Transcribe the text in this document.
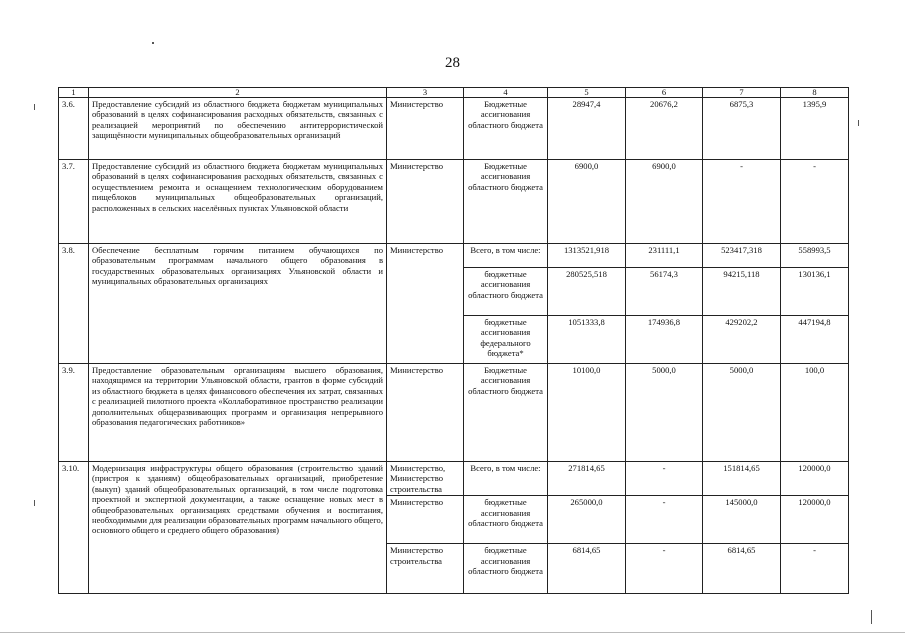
28
1	2	3	4	5	6	7	8
3.6.	Предоставление субсидий из областного бюджета бюджетам муниципальных образований в целях софинансирования расходных обязательств, связанных с реализацией мероприятий по обеспечению антитеррористической защищённости муниципальных общеобразовательных организаций	Министерство	Бюджетные ассигнования областного бюджета	28947,4	20676,2	6875,3	1395,9
3.7.	Предоставление субсидий из областного бюджета бюджетам муниципальных образований в целях софинансирования расходных обязательств, связанных с осуществлением ремонта и оснащением технологическим оборудованием пищеблоков муниципальных общеобразовательных организаций, расположенных в сельских населённых пунктах Ульяновской области	Министерство	Бюджетные ассигнования областного бюджета	6900,0	6900,0	-	-
3.8.	Обеспечение бесплатным горячим питанием обучающихся по образовательным программам начального общего образования в государственных образовательных организациях Ульяновской области и муниципальных образовательных организациях	Министерство	Всего, в том числе:	1313521,918	231111,1	523417,318	558993,5
			бюджетные ассигнования областного бюджета	280525,518	56174,3	94215,118	130136,1
			бюджетные ассигнования федерального бюджета*	1051333,8	174936,8	429202,2	447194,8
3.9.	Предоставление образовательным организациям высшего образования, находящимся на территории Ульяновской области, грантов в форме субсидий из областного бюджета в целях финансового обеспечения их затрат, связанных с реализацией пилотного проекта «Коллаборативное пространство реализации дополнительных общеразвивающих программ и организация непрерывного образования педагогических работников»	Министерство	Бюджетные ассигнования областного бюджета	10100,0	5000,0	5000,0	100,0
3.10.	Модернизация инфраструктуры общего образования (строительство зданий (пристроя к зданиям) общеобразовательных организаций, приобретение (выкуп) зданий общеобразовательных организаций, в том числе подготовка проектной и экспертной документации, а также оснащение новых мест в общеобразовательных организациях средствами обучения и воспитания, необходимыми для реализации образовательных программ начального общего, основного общего и среднего общего образования)	Министерство, Министерство строительства	Всего, в том числе:	271814,65	-	151814,65	120000,0
		Министерство	бюджетные ассигнования областного бюджета	265000,0	-	145000,0	120000,0
		Министерство строительства	бюджетные ассигнования областного бюджета	6814,65	-	6814,65	-
